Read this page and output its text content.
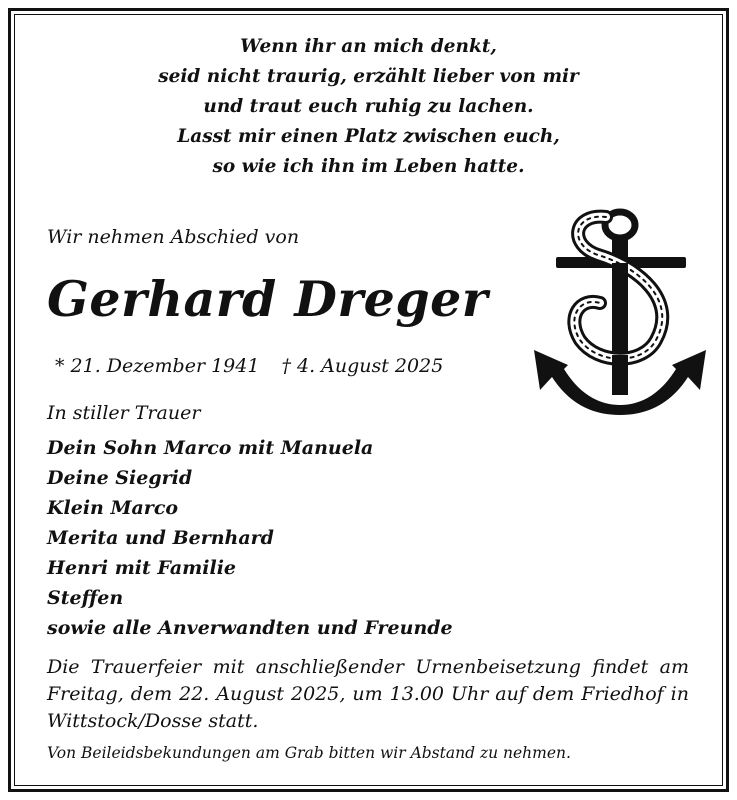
Wenn ihr an mich denkt,
seid nicht traurig, erzählt lieber von mir
und traut euch ruhig zu lachen.
Lasst mir einen Platz zwischen euch,
so wie ich ihn im Leben hatte.
Wir nehmen Abschied von
Gerhard Dreger
* 21. Dezember 1941 † 4. August 2025
In stiller Trauer
Dein Sohn Marco mit Manuela
Deine Siegrid
Klein Marco
Merita und Bernhard
Henri mit Familie
Steffen
sowie alle Anverwandten und Freunde
Die Trauerfeier mit anschließender Urnenbeisetzung findet am Freitag, dem 22. August 2025, um 13.00 Uhr auf dem Friedhof in Wittstock/Dosse statt.
Von Beileidsbekundungen am Grab bitten wir Abstand zu nehmen.
